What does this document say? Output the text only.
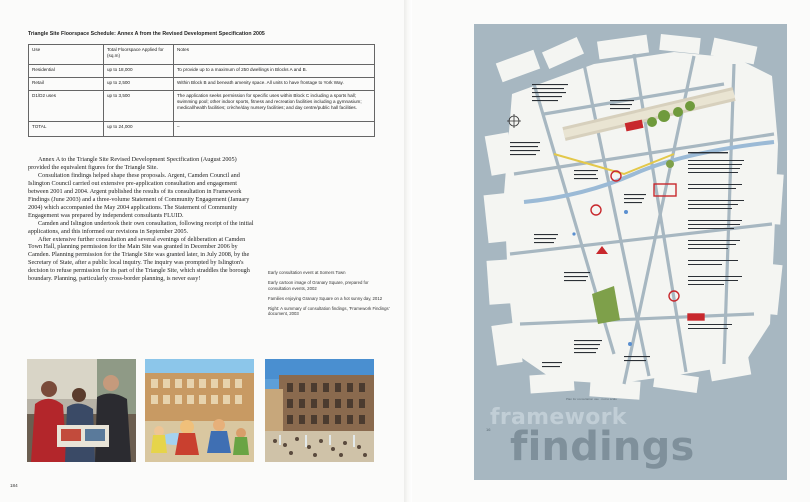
Triangle Site Floorspace Schedule: Annex A from the Revised Development Specification 2005
Use	Total Floorspace Applied for (sq.m)	Notes
Residential	up to 18,000	To provide up to a maximum of 250 dwellings in Blocks A and B.
Retail	up to 2,500	Within Block B and beneath amenity space. All units to have frontage to York Way.
D1/D2 uses	up to 3,500	The application seeks permission for specific uses within Block C including a sports hall; swimming pool; other indoor sports, fitness and recreation facilities including a gymnasium; medical/health facilities; crèche/day nursery facilities; and day centre/public hall facilities.
TOTAL	up to 24,000	–

Annex A to the Triangle Site Revised Development Specification (August 2005) provided the equivalent figures for the Triangle Site.

Consultation findings helped shape these proposals. Argent, Camden Council and Islington Council carried out extensive pre-application consultation and engagement between 2001 and 2004. Argent published the results of its consultation in Framework Findings (June 2003) and a three-volume Statement of Community Engagement (January 2004) which accompanied the May 2004 applications. The Statement of Community Engagement was prepared by independent consultants FLUID.

Camden and Islington undertook their own consultation, following receipt of the initial applications, and this informed our revisions in September 2005.

After extensive further consultation and several evenings of deliberation at Camden Town Hall, planning permission for the Main Site was granted in December 2006 by Camden. Planning permission for the Triangle Site was granted later, in July 2008, by the Secretary of State, after a public local inquiry. The inquiry was prompted by Islington's decision to refuse permission for its part of the Triangle Site, which straddles the borough boundary. Planning, particularly cross-border planning, is never easy!

Early consultation event at Somers Town

Early cartoon image of Granary Square, prepared for consultation events, 2002

Families enjoying Granary Square on a hot sunny day, 2012

Right: A summary of consultation findings, 'Framework Findings' document, 2003

184
Plan for consultation use · not to scale
16 framework
findings
